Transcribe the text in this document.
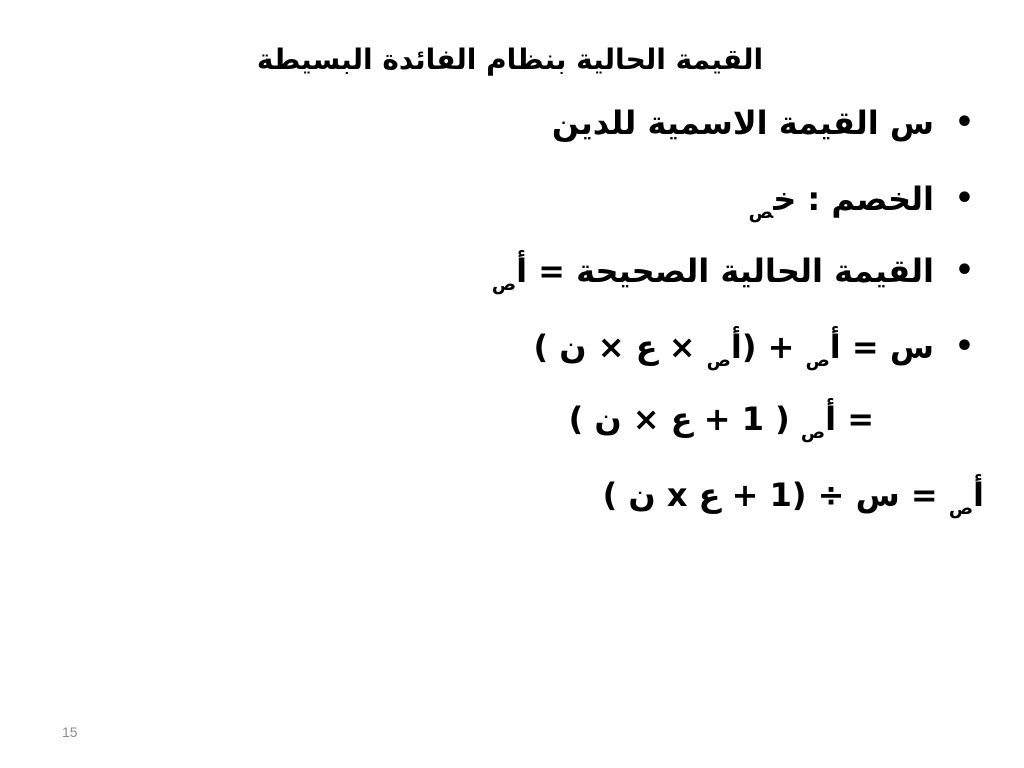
القيمة الحالية بنظام الفائدة البسيطة
•
س القيمة الاسمية للدين
•
الخصم : خ$_ص$
•
القيمة الحالية الصحيحة = أ$_ص$
•
س = أ$_ص$ + (أ$_ص$ × ع × ن )
= أ$_ص$ ( 1 + ع × ن )
أ$_ص$ = س ÷ (1 + ع x ن )
15
